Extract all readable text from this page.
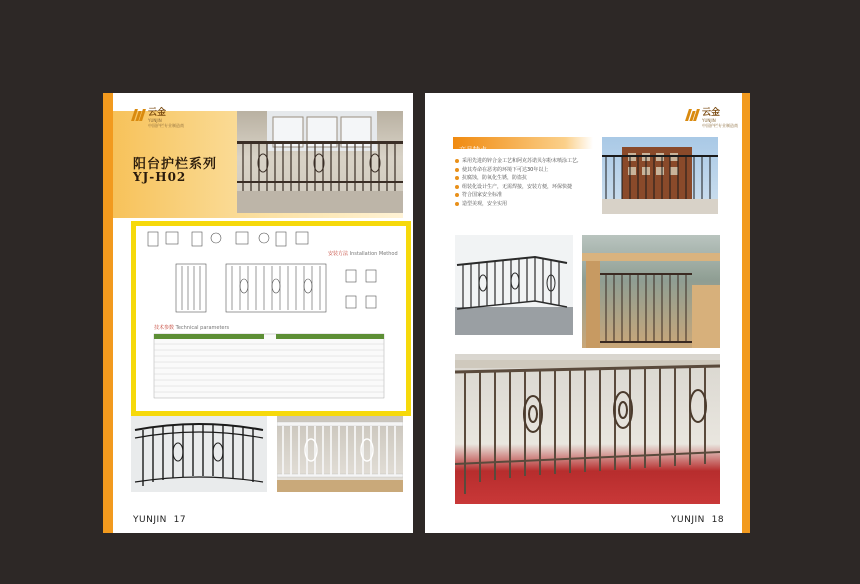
云金
YUNJIN
中国护栏专业制造商
阳台护栏系列
YJ-H02
安装方法 Installation Method
技术参数 Technical parameters
YUNJIN 17
云金
YUNJIN
中国护栏专业制造商
产品特点
采用先进的锌合金工艺和阿克苏诺贝尔粉末喷涂工艺,
使其寿命在恶劣的环境下可达30年以上
抗腐蚀，防氧化生锈，防盗抗
组装化设计生产，无需焊接，安装方便，环保快捷
符合国家安全标准
造型美观，安全实用
YUNJIN 18
